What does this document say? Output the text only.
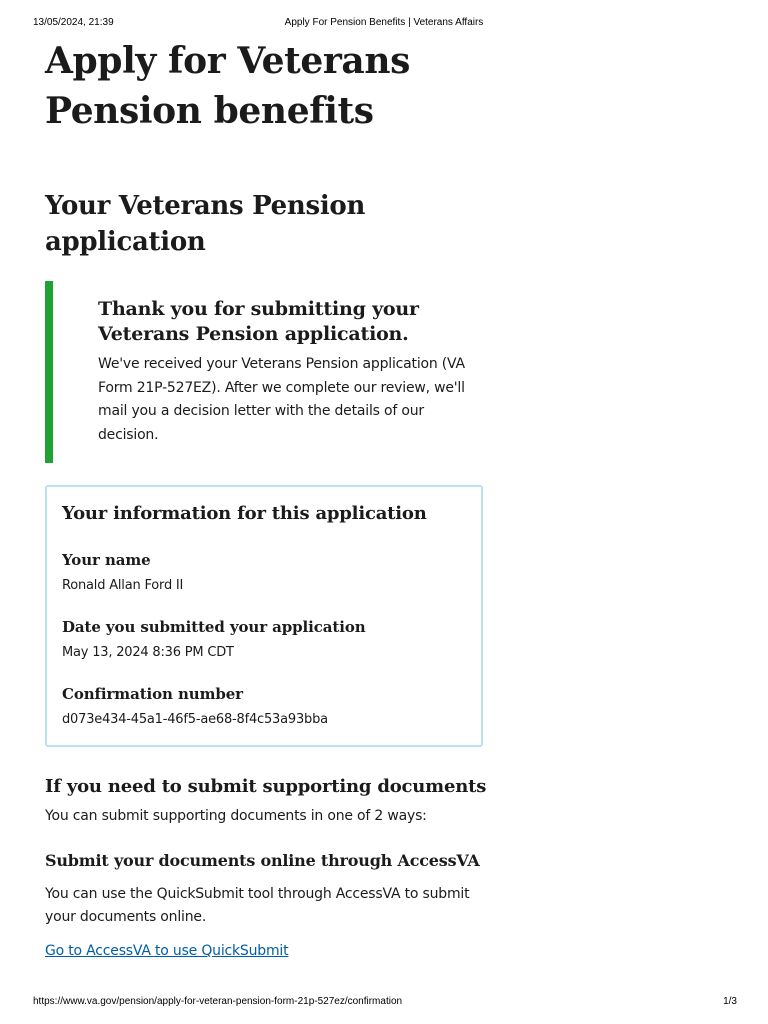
13/05/2024, 21:39	Apply For Pension Benefits | Veterans Affairs
Apply for Veterans Pension benefits
Your Veterans Pension application
Thank you for submitting your Veterans Pension application.

We've received your Veterans Pension application (VA Form 21P-527EZ). After we complete our review, we'll mail you a decision letter with the details of our decision.

Your information for this application
Your name

Ronald Allan Ford II

Date you submitted your application

May 13, 2024 8:36 PM CDT

Confirmation number

d073e434-45a1-46f5-ae68-8f4c53a93bba

If you need to submit supporting documents

You can submit supporting documents in one of 2 ways:

Submit your documents online through AccessVA

You can use the QuickSubmit tool through AccessVA to submit your documents online.

Go to AccessVA to use QuickSubmit
https://www.va.gov/pension/apply-for-veteran-pension-form-21p-527ez/confirmation	1/3
